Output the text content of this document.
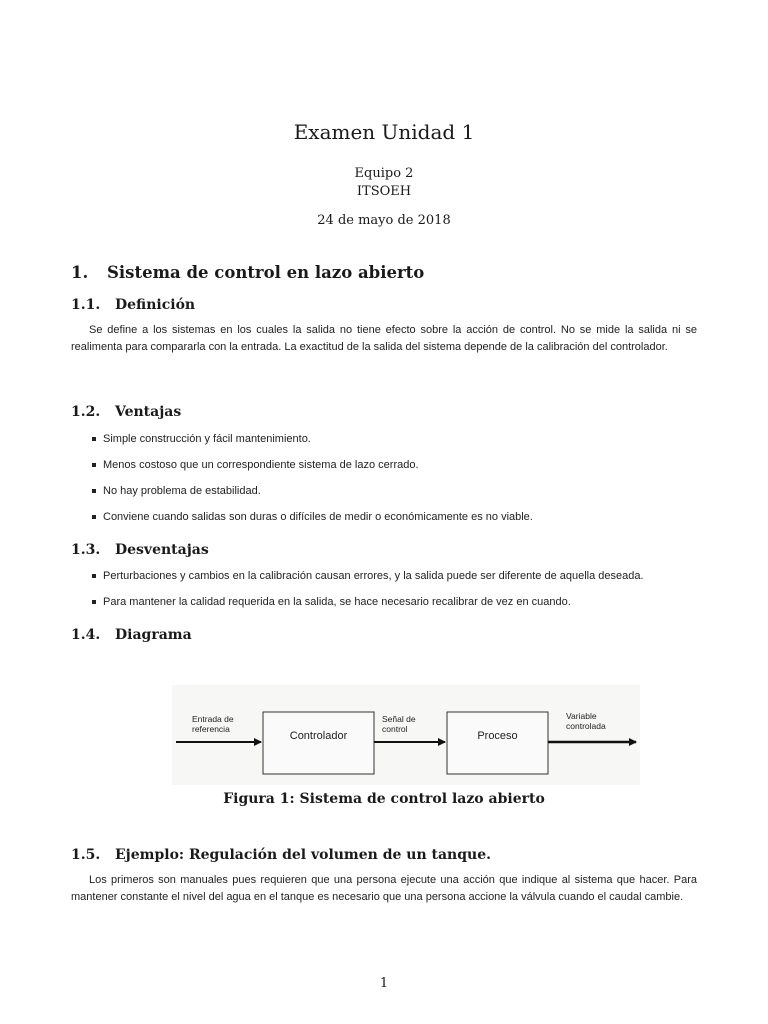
Examen Unidad 1
Equipo 2
ITSOEH
24 de mayo de 2018
1. Sistema de control en lazo abierto
1.1. Definición

Se define a los sistemas en los cuales la salida no tiene efecto sobre la acción de control. No se mide la salida ni se realimenta para compararla con la entrada. La exactitud de la salida del sistema depende de la calibración del controlador.

1.2. Ventajas
Simple construcción y fácil mantenimiento.
Menos costoso que un correspondiente sistema de lazo cerrado.
No hay problema de estabilidad.
Conviene cuando salidas son duras o difíciles de medir o económicamente es no viable.
1.3. Desventajas
Perturbaciones y cambios en la calibración causan errores, y la salida puede ser diferente de aquella deseada.
Para mantener la calidad requerida en la salida, se hace necesario recalibrar de vez en cuando.
1.4. Diagrama
Entrada de
referencia
Controlador
Señal de
control
Proceso
Variable
controlada
Figura 1: Sistema de control lazo abierto
1.5. Ejemplo: Regulación del volumen de un tanque.

Los primeros son manuales pues requieren que una persona ejecute una acción que indique al sistema que hacer. Para mantener constante el nivel del agua en el tanque es necesario que una persona accione la válvula cuando el caudal cambie.

1
